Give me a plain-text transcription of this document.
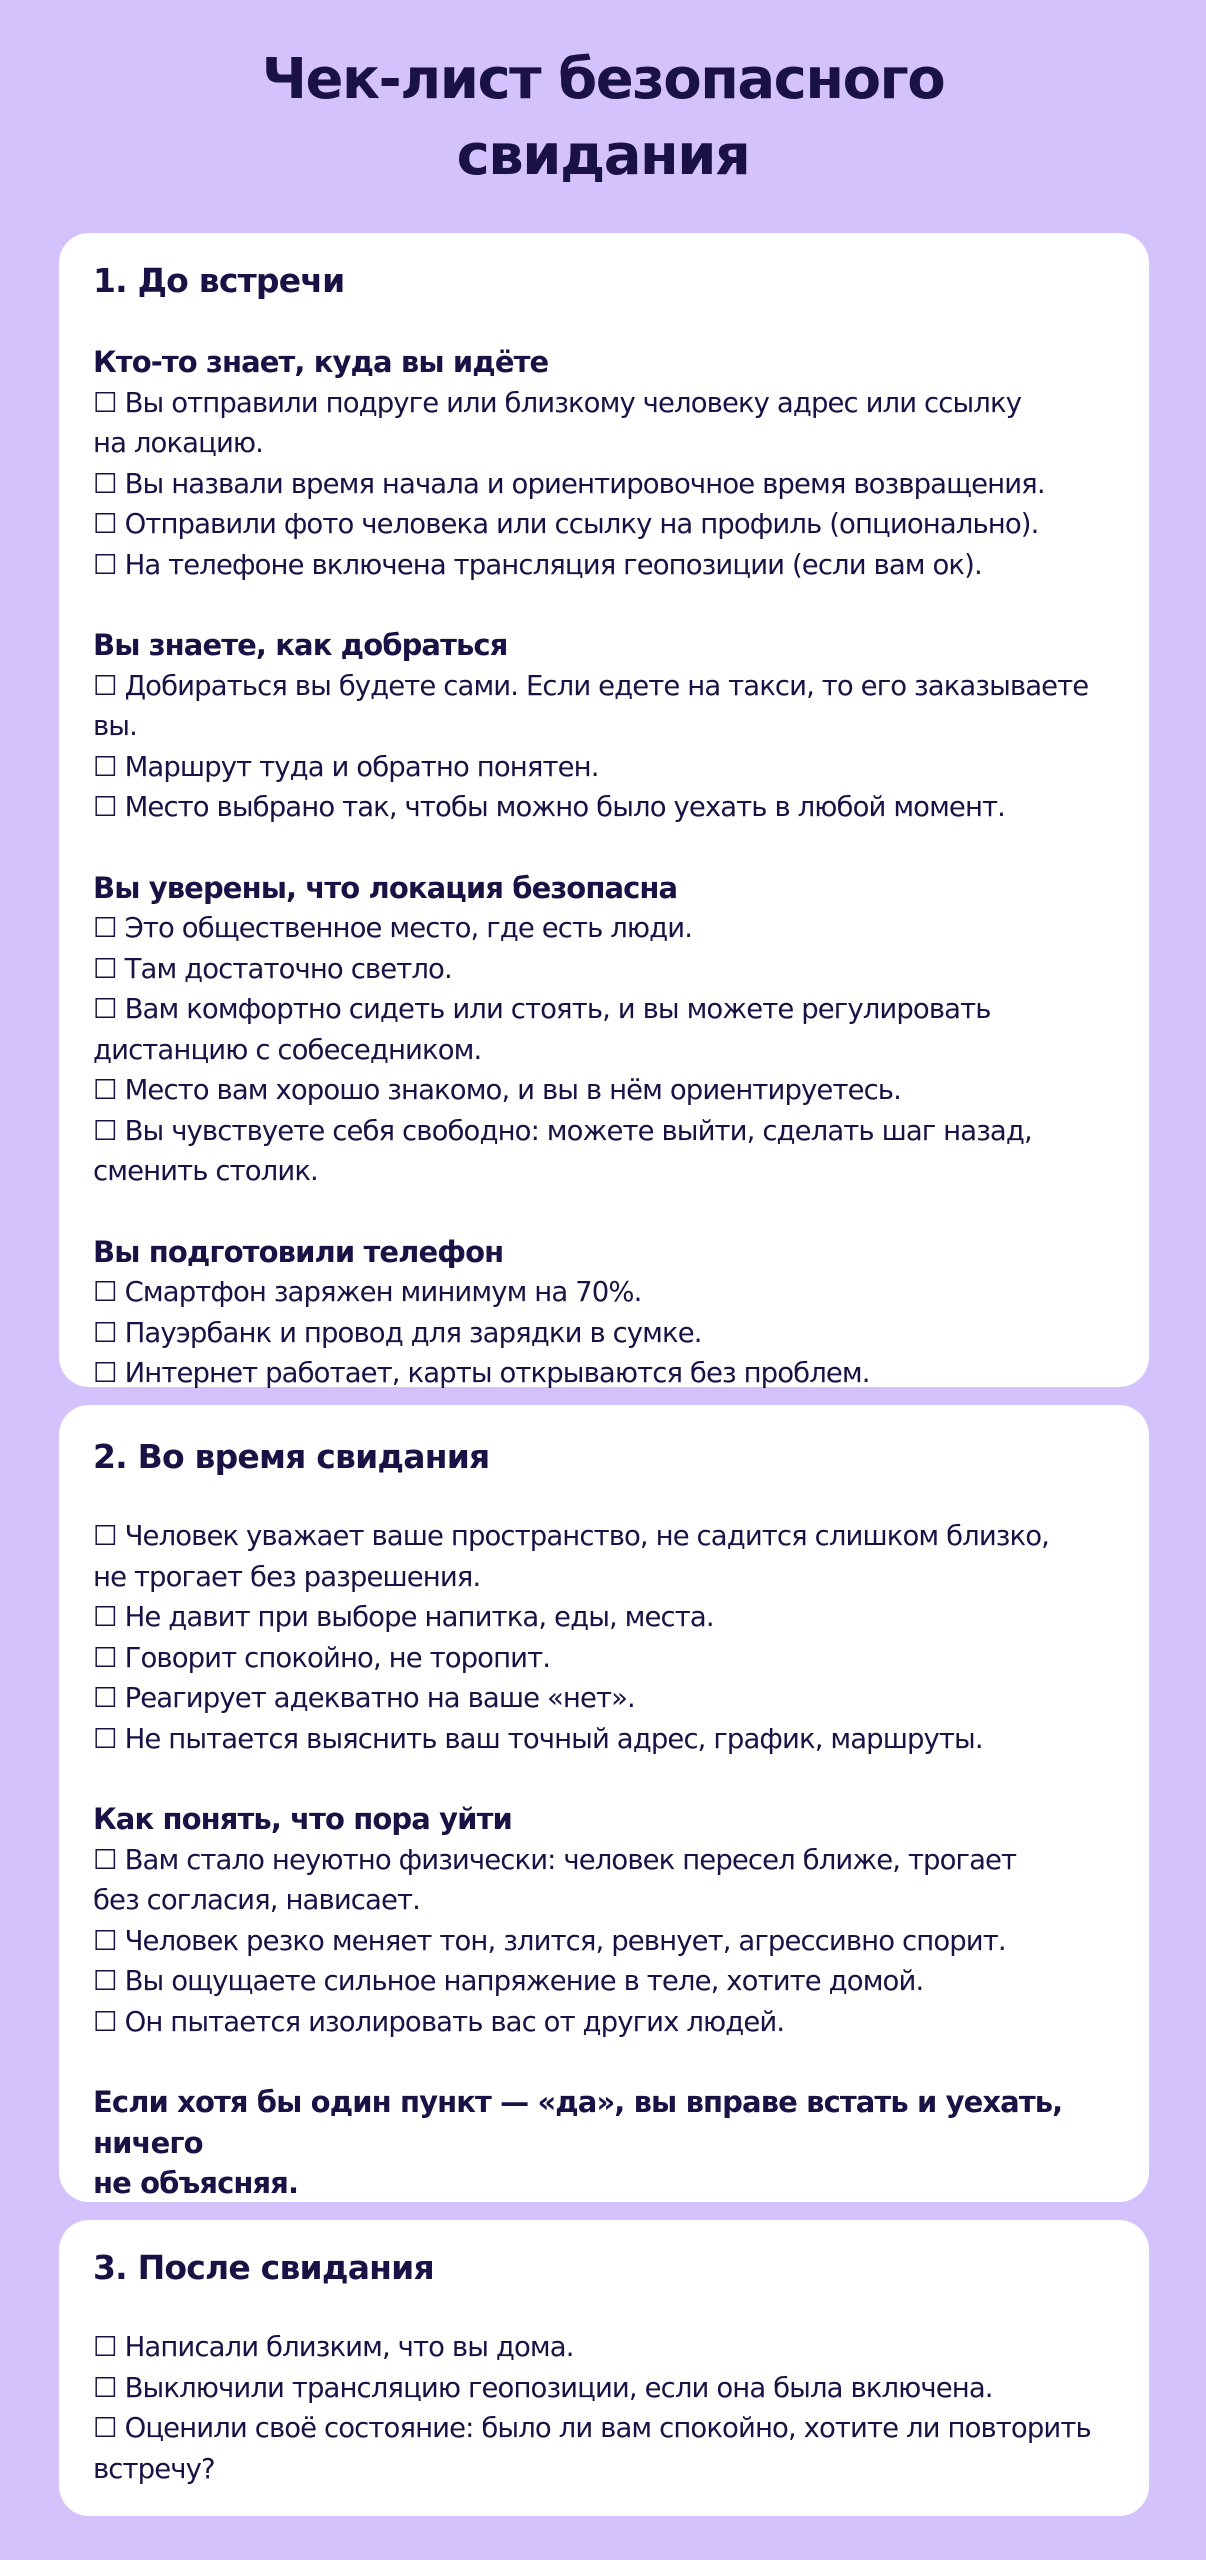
Чек-лист безопасного
свидания
1. До встречи

Кто-то знает, куда вы идёте

☐ Вы отправили подруге или близкому человеку адрес или ссылку

на локацию.

☐ Вы назвали время начала и ориентировочное время возвращения.

☐ Отправили фото человека или ссылку на профиль (опционально).

☐ На телефоне включена трансляция геопозиции (если вам ок).

Вы знаете, как добраться

☐ Добираться вы будете сами. Если едете на такси, то его заказываете вы.

☐ Маршрут туда и обратно понятен.

☐ Место выбрано так, чтобы можно было уехать в любой момент.

Вы уверены, что локация безопасна

☐ Это общественное место, где есть люди.

☐ Там достаточно светло.

☐ Вам комфортно сидеть или стоять, и вы можете регулировать

дистанцию с собеседником.

☐ Место вам хорошо знакомо, и вы в нём ориентируетесь.

☐ Вы чувствуете себя свободно: можете выйти, сделать шаг назад,

сменить столик.

Вы подготовили телефон

☐ Смартфон заряжен минимум на 70%.

☐ Пауэрбанк и провод для зарядки в сумке.

☐ Интернет работает, карты открываются без проблем.

2. Во время свидания

☐ Человек уважает ваше пространство, не садится слишком близко,

не трогает без разрешения.

☐ Не давит при выборе напитка, еды, места.

☐ Говорит спокойно, не торопит.

☐ Реагирует адекватно на ваше «нет».

☐ Не пытается выяснить ваш точный адрес, график, маршруты.

Как понять, что пора уйти

☐ Вам стало неуютно физически: человек пересел ближе, трогает

без согласия, нависает.

☐ Человек резко меняет тон, злится, ревнует, агрессивно спорит.

☐ Вы ощущаете сильное напряжение в теле, хотите домой.

☐ Он пытается изолировать вас от других людей.

Если хотя бы один пункт — «да», вы вправе встать и уехать, ничего

не объясняя.

3. После свидания

☐ Написали близким, что вы дома.

☐ Выключили трансляцию геопозиции, если она была включена.

☐ Оценили своё состояние: было ли вам спокойно, хотите ли повторить

встречу?
